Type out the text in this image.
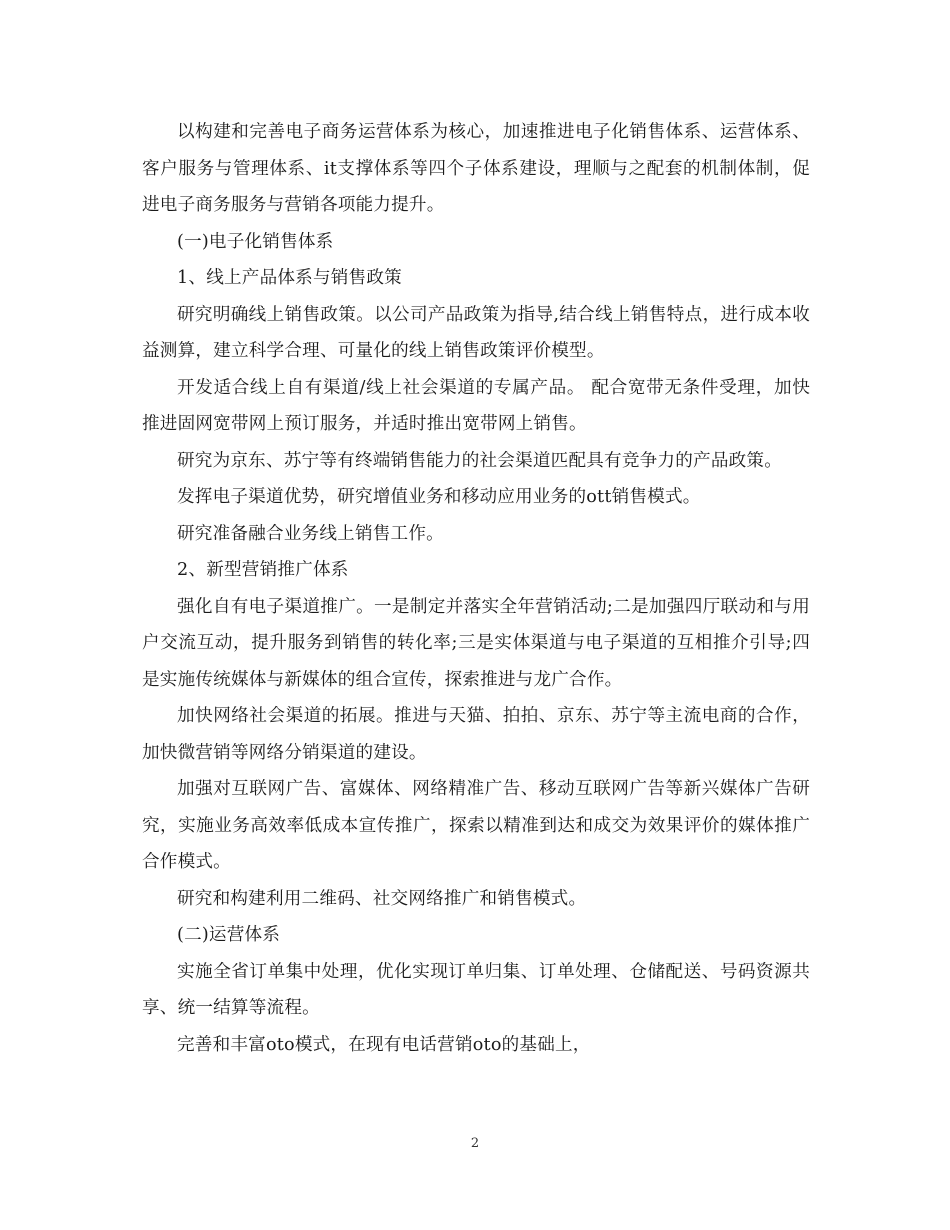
以构建和完善电子商务运营体系为核心，加速推进电子化销售体系、运营体系、客户服务与管理体系、it支撑体系等四个子体系建设，理顺与之配套的机制体制，促进电子商务服务与营销各项能力提升。

(一)电子化销售体系

1、线上产品体系与销售政策

研究明确线上销售政策。以公司产品政策为指导,结合线上销售特点，进行成本收益测算，建立科学合理、可量化的线上销售政策评价模型。

开发适合线上自有渠道/线上社会渠道的专属产品。 配合宽带无条件受理，加快推进固网宽带网上预订服务，并适时推出宽带网上销售。

研究为京东、苏宁等有终端销售能力的社会渠道匹配具有竞争力的产品政策。

发挥电子渠道优势，研究增值业务和移动应用业务的ott销售模式。

研究准备融合业务线上销售工作。

2、新型营销推广体系

强化自有电子渠道推广。一是制定并落实全年营销活动;二是加强四厅联动和与用户交流互动，提升服务到销售的转化率;三是实体渠道与电子渠道的互相推介引导;四是实施传统媒体与新媒体的组合宣传，探索推进与龙广合作。

加快网络社会渠道的拓展。推进与天猫、拍拍、京东、苏宁等主流电商的合作，加快微营销等网络分销渠道的建设。

加强对互联网广告、富媒体、网络精准广告、移动互联网广告等新兴媒体广告研究，实施业务高效率低成本宣传推广，探索以精准到达和成交为效果评价的媒体推广合作模式。

研究和构建利用二维码、社交网络推广和销售模式。

(二)运营体系

实施全省订单集中处理，优化实现订单归集、订单处理、仓储配送、号码资源共享、统一结算等流程。

完善和丰富oto模式，在现有电话营销oto的基础上，

2
